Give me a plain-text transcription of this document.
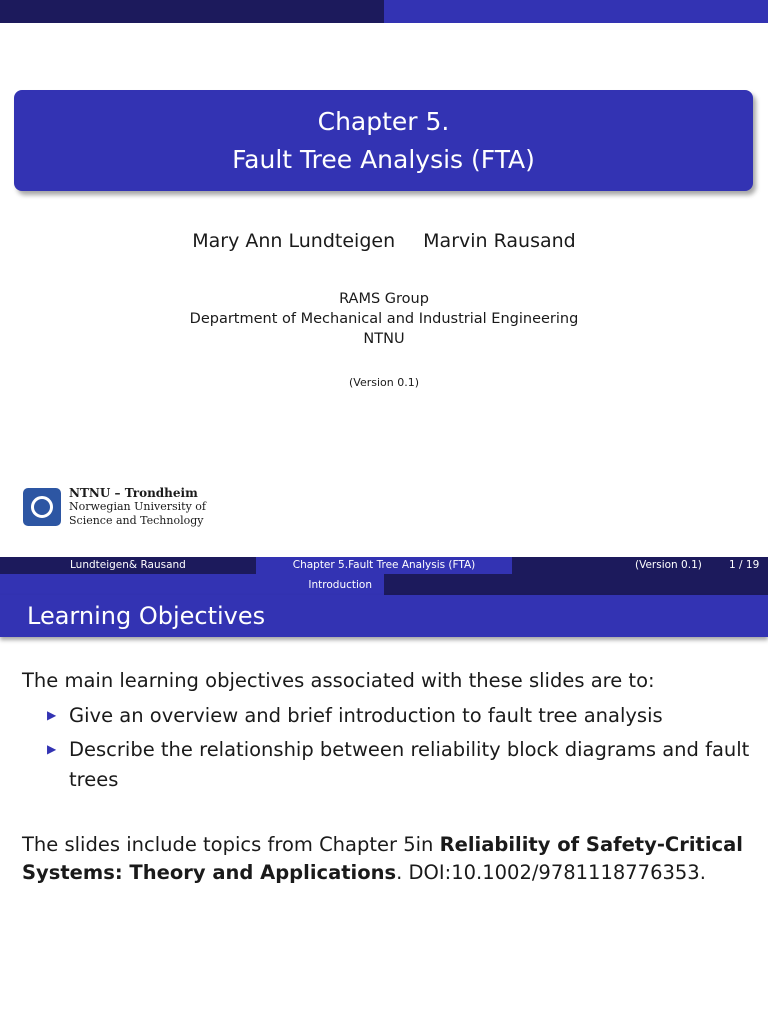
Chapter 5.
Fault Tree Analysis (FTA)
Mary Ann Lundteigen Marvin Rausand
RAMS Group
Department of Mechanical and Industrial Engineering
NTNU
(Version 0.1)
NTNU – Trondheim
Norwegian University of
Science and Technology
Lundteigen& Rausand	Chapter 5.Fault Tree Analysis (FTA)	(Version 0.1)	1 / 19
Introduction
Learning Objectives
The main learning objectives associated with these slides are to:
▶ Give an overview and brief introduction to fault tree analysis
▶ Describe the relationship between reliability block diagrams and fault
trees
The slides include topics from Chapter 5in Reliability of Safety-Critical
Systems: Theory and Applications. DOI:10.1002/9781118776353.
